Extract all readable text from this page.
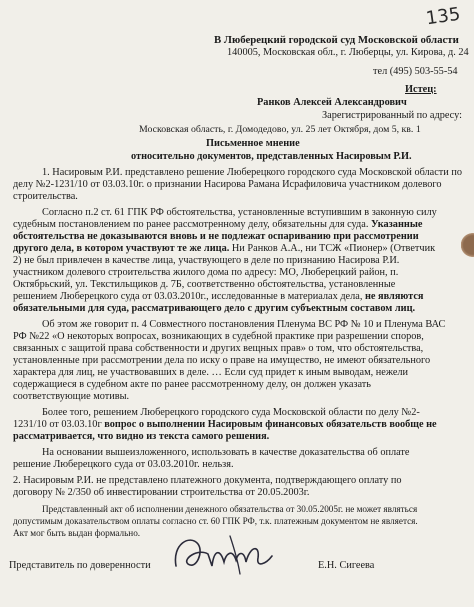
135
В Люберецкий городской суд Московской области
140005, Московская обл., г. Люберцы, ул. Кирова, д. 24
тел (495) 503-55-54
Истец:
Ранков Алексей Александрович
Зарегистрированный по адресу:
Московская область, г. Домодедово, ул. 25 лет Октября, дом 5, кв. 1
Письменное мнение
относительно документов, представленных Насировым Р.И.
1. Насировым Р.И. представлено решение Люберецкого городского суда Московской области по
делу №2-1231/10 от 03.03.10г. о признании Насирова Рамана Исрафиловича участником долевого
строительства.
Согласно п.2 ст. 61 ГПК РФ обстоятельства, установленные вступившим в законную силу
судебным постановлением по ранее рассмотренному делу, обязательны для суда. Указанные
обстоятельства не доказываются вновь и не подлежат оспариванию при рассмотрении
другого дела, в котором участвуют те же лица. Ни Ранков А.А., ни ТСЖ «Пионер» (Ответчик
2) не был привлечен в качестве лица, участвующего в деле по признанию Насирова Р.И.
участником долевого строительства жилого дома по адресу: МО, Люберецкий район, п.
Октябрьский, ул. Текстильщиков д. 7Б, соответственно обстоятельства, установленные
решением Люберецкого суда от 03.03.2010г., исследованные в материалах дела, не являются
обязательными для суда, рассматривающего дело с другим субъектным составом лиц.
Об этом же говорит п. 4 Совместного постановления Пленума ВС РФ № 10 и Пленума ВАС
РФ №22 «О некоторых вопросах, возникающих в судебной практике при разрешении споров,
связанных с защитой права собственности и других вещных прав» о том, что обстоятельства,
установленные при рассмотрении дела по иску о праве на имущество, не имеют обязательного
характера для лиц, не участвовавших в деле. … Если суд придет к иным выводам, нежели
содержащиеся в судебном акте по ранее рассмотренному делу, он должен указать
соответствующие мотивы.
Более того, решением Люберецкого городского суда Московской области по делу №2-
1231/10 от 03.03.10г вопрос о выполнении Насировым финансовых обязательств вообще не
рассматривается, что видно из текста самого решения.
На основании вышеизложенного, использовать в качестве доказательства об оплате
решение Люберецкого суда от 03.03.2010г. нельзя.
2. Насировым Р.И. не представлено платежного документа, подтверждающего оплату по
договору № 2/350 об инвестировании строительства от 20.05.2003г.
Представленный акт об исполнении денежного обязательства от 30.05.2005г. не может являться
допустимым доказательством оплаты согласно ст. 60 ГПК РФ, т.к. платежным документом не является.
Акт мог быть выдан формально.
Представитель по доверенности	Е.Н. Сигеева
